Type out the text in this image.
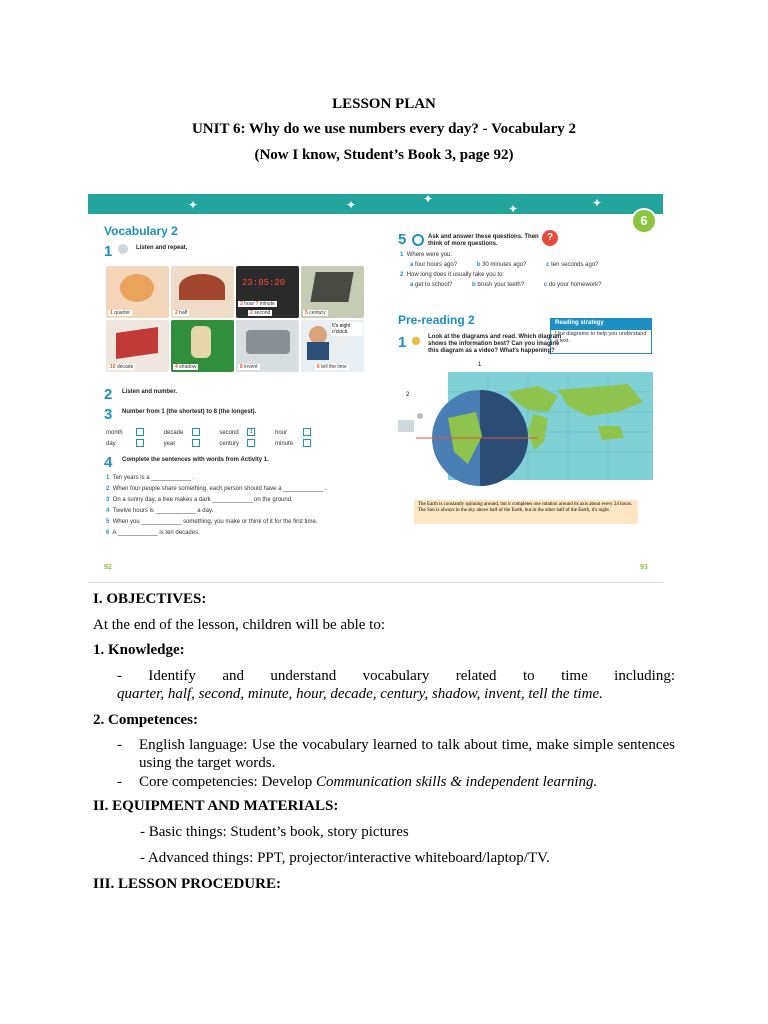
LESSON PLAN
UNIT 6: Why do we use numbers every day? - Vocabulary 2
(Now I know, Student’s Book 3, page 92)
✦	✦	✦
✦	✦
6
Vocabulary 2
1	Listen and repeat.
1 quarter	2 half
23:05:20
3 hour 7 minute
2 second	5 century
10 decade	4 shadow	8 invent
It's eight o'clock.
6 tell the time
2 Listen and number.
3 Number from 1 (the shortest) to 8 (the longest).
month	decade	second 1	hour
day	year	century	minute
4 Complete the sentences with words from Activity 1.
1 Ten years is a ____________ .
2 When four people share something, each person should have a ____________ .
3 On a sunny day, a tree makes a dark ____________ on the ground.
4 Twelve hours is ____________ a day.
5 When you ____________ something, you make or think of it for the first time.
6 A ____________ is ten decades.
92
5	Ask and answer these questions. Then think of more questions.
?
1 Where were you:
a four hours ago?	b 30 minutes ago?	c ten seconds ago?
2 How long does it usually take you to:
a get to school?	b brush your teeth?	c do your homework?
Pre-reading 2	Reading strategy
Use diagrams to help you understand a text.
1	Look at the diagrams and read. Which diagram shows the information best? Can you imagine this diagram as a video? What's happening?
1
2
The Earth is constantly spinning around, but it completes one rotation around its axis about every 24 hours. The Sun is always in the sky above half of the Earth, but in the other half of the Earth, it's night.
93
I. OBJECTIVES:
At the end of the lesson, children will be able to:
1. Knowledge:
- Identify and understand vocabulary related to time including:
quarter, half, second, minute, hour, decade, century, shadow, invent, tell the time.
2. Competences:
-	English language: Use the vocabulary learned to talk about time, make simple sentences using the target words.
-	Core competencies: Develop Communication skills & independent learning.
II. EQUIPMENT AND MATERIALS:
- Basic things: Student’s book, story pictures
- Advanced things: PPT, projector/interactive whiteboard/laptop/TV.
III. LESSON PROCEDURE:
